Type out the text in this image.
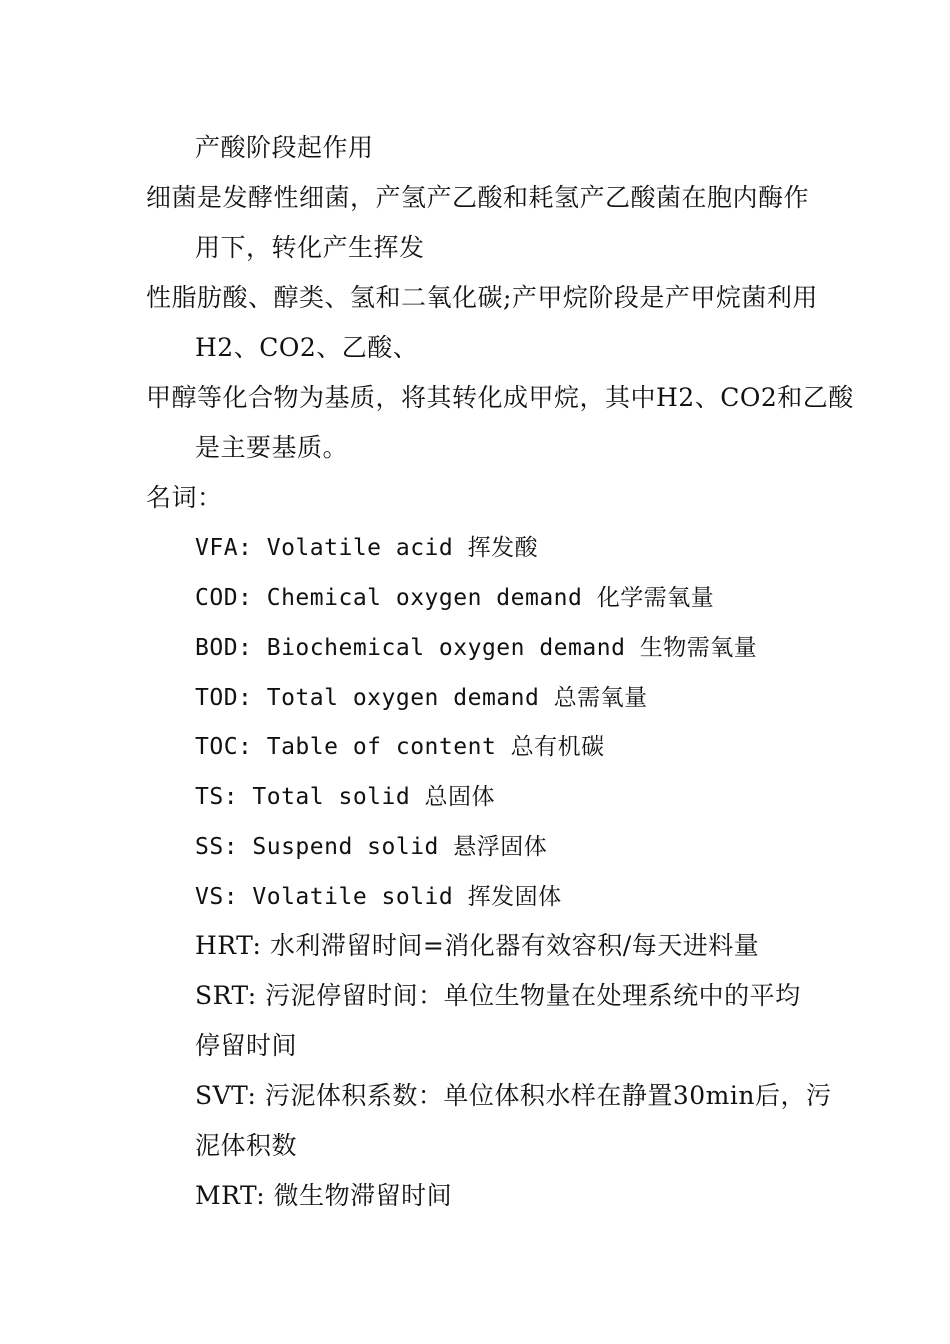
产酸阶段起作用
细菌是发酵性细菌，产氢产乙酸和耗氢产乙酸菌在胞内酶作
用下，转化产生挥发
性脂肪酸、醇类、氢和二氧化碳;产甲烷阶段是产甲烷菌利用
H2、CO2、乙酸、
甲醇等化合物为基质，将其转化成甲烷，其中H2、CO2和乙酸
是主要基质。
名词：
VFA: Volatile acid 挥发酸
COD: Chemical oxygen demand 化学需氧量
BOD: Biochemical oxygen demand 生物需氧量
TOD: Total oxygen demand 总需氧量
TOC: Table of content 总有机碳
TS: Total solid 总固体
SS: Suspend solid 悬浮固体
VS: Volatile solid 挥发固体
HRT: 水利滞留时间=消化器有效容积/每天进料量
SRT: 污泥停留时间：单位生物量在处理系统中的平均
停留时间
SVT: 污泥体积系数：单位体积水样在静置30min后，污
泥体积数
MRT: 微生物滞留时间
